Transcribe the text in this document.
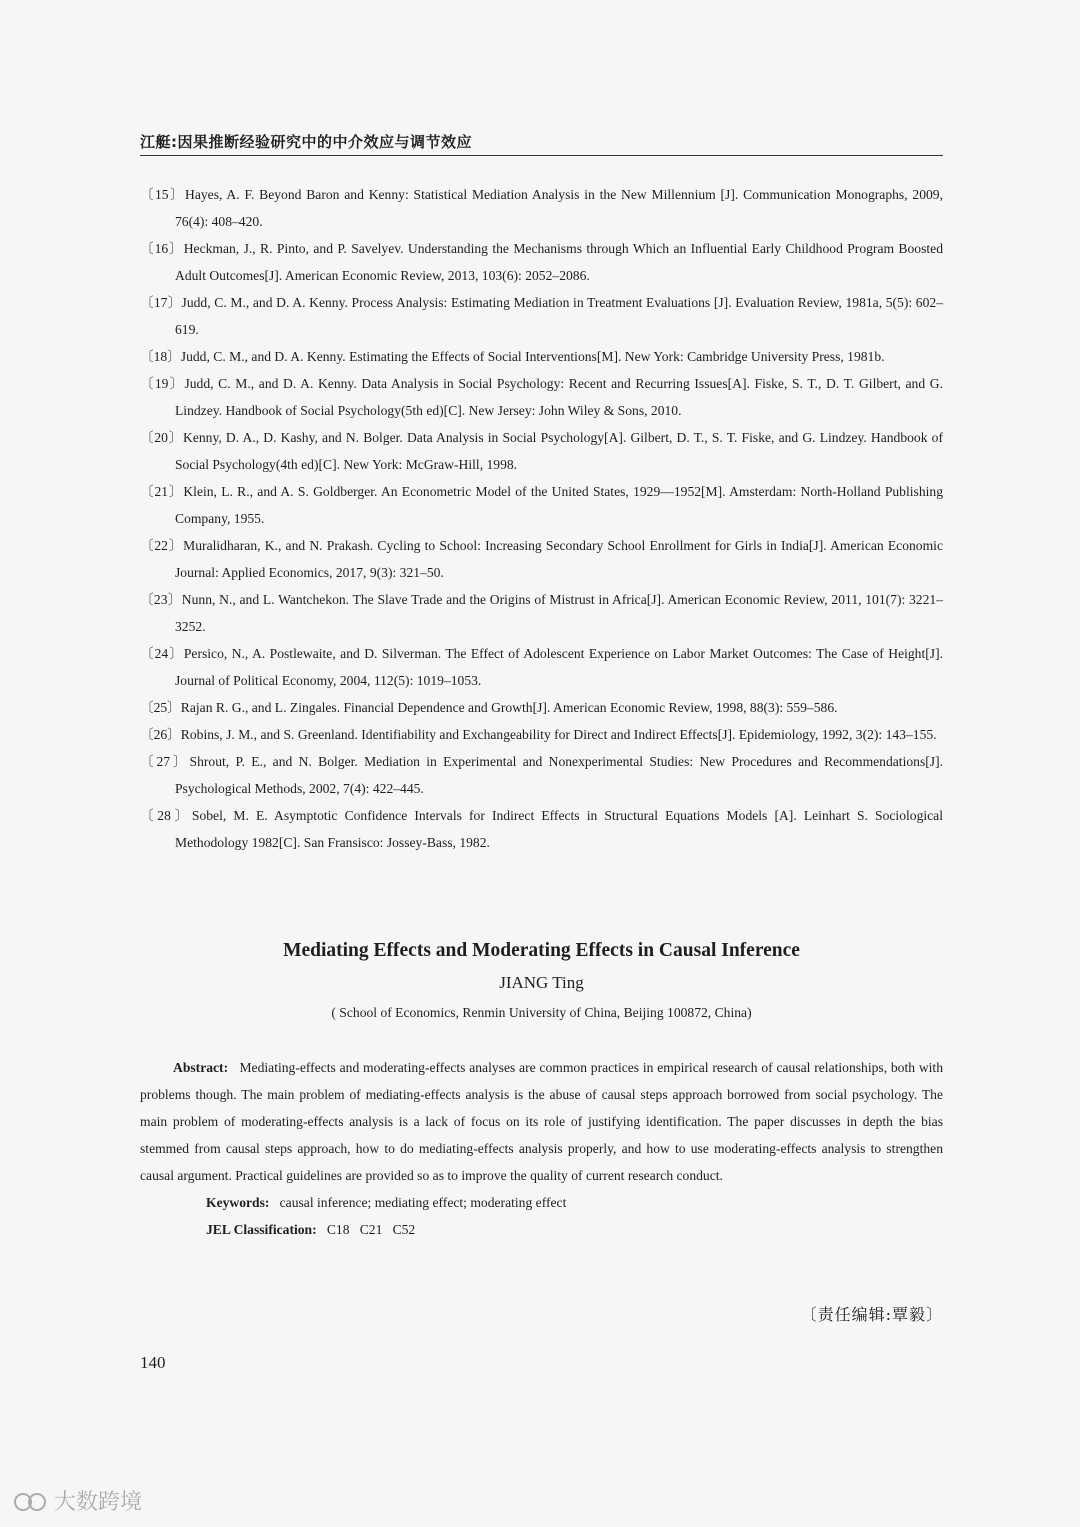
江艇:因果推断经验研究中的中介效应与调节效应

〔15〕Hayes, A. F. Beyond Baron and Kenny: Statistical Mediation Analysis in the New Millennium [J]. Communication Monographs, 2009, 76(4): 408–420.

〔16〕Heckman, J., R. Pinto, and P. Savelyev. Understanding the Mechanisms through Which an Influential Early Childhood Program Boosted Adult Outcomes[J]. American Economic Review, 2013, 103(6): 2052–2086.

〔17〕Judd, C. M., and D. A. Kenny. Process Analysis: Estimating Mediation in Treatment Evaluations [J]. Evaluation Review, 1981a, 5(5): 602–619.

〔18〕Judd, C. M., and D. A. Kenny. Estimating the Effects of Social Interventions[M]. New York: Cambridge University Press, 1981b.

〔19〕Judd, C. M., and D. A. Kenny. Data Analysis in Social Psychology: Recent and Recurring Issues[A]. Fiske, S. T., D. T. Gilbert, and G. Lindzey. Handbook of Social Psychology(5th ed)[C]. New Jersey: John Wiley & Sons, 2010.

〔20〕Kenny, D. A., D. Kashy, and N. Bolger. Data Analysis in Social Psychology[A]. Gilbert, D. T., S. T. Fiske, and G. Lindzey. Handbook of Social Psychology(4th ed)[C]. New York: McGraw-Hill, 1998.

〔21〕Klein, L. R., and A. S. Goldberger. An Econometric Model of the United States, 1929—1952[M]. Amsterdam: North-Holland Publishing Company, 1955.

〔22〕Muralidharan, K., and N. Prakash. Cycling to School: Increasing Secondary School Enrollment for Girls in India[J]. American Economic Journal: Applied Economics, 2017, 9(3): 321–50.

〔23〕Nunn, N., and L. Wantchekon. The Slave Trade and the Origins of Mistrust in Africa[J]. American Economic Review, 2011, 101(7): 3221–3252.

〔24〕Persico, N., A. Postlewaite, and D. Silverman. The Effect of Adolescent Experience on Labor Market Outcomes: The Case of Height[J]. Journal of Political Economy, 2004, 112(5): 1019–1053.

〔25〕Rajan R. G., and L. Zingales. Financial Dependence and Growth[J]. American Economic Review, 1998, 88(3): 559–586.

〔26〕Robins, J. M., and S. Greenland. Identifiability and Exchangeability for Direct and Indirect Effects[J]. Epidemiology, 1992, 3(2): 143–155.

〔27〕Shrout, P. E., and N. Bolger. Mediation in Experimental and Nonexperimental Studies: New Procedures and Recommendations[J]. Psychological Methods, 2002, 7(4): 422–445.

〔28〕Sobel, M. E. Asymptotic Confidence Intervals for Indirect Effects in Structural Equations Models [A]. Leinhart S. Sociological Methodology 1982[C]. San Fransisco: Jossey-Bass, 1982.

Mediating Effects and Moderating Effects in Causal Inference

JIANG Ting

( School of Economics, Renmin University of China, Beijing 100872, China)

Abstract: Mediating-effects and moderating-effects analyses are common practices in empirical research of causal relationships, both with problems though. The main problem of mediating-effects analysis is the abuse of causal steps approach borrowed from social psychology. The main problem of moderating-effects analysis is a lack of focus on its role of justifying identification. The paper discusses in depth the bias stemmed from causal steps approach, how to do mediating-effects analysis properly, and how to use moderating-effects analysis to strengthen causal argument. Practical guidelines are provided so as to improve the quality of current research conduct.

Keywords: causal inference; mediating effect; moderating effect

JEL Classification: C18   C21   C52

〔责任编辑:覃毅〕
140
大数跨境
